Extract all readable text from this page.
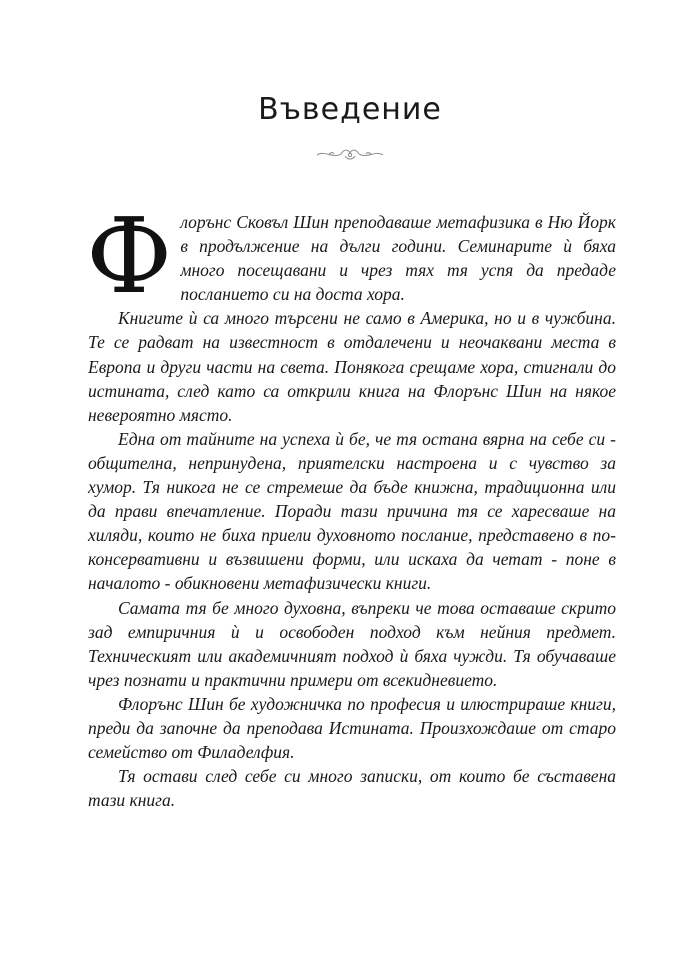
Въведение

Флорънс Сковъл Шин преподаваше метафизика в Ню Йорк в продължение на дълги години. Семинарите ѝ бяха много посещавани и чрез тях тя успя да предаде посланието си на доста хора.

Книгите ѝ са много търсени не само в Америка, но и в чужбина. Те се радват на известност в отдалечени и неочаквани места в Европа и други части на света. Понякога срещаме хора, стигнали до истината, след като са открили книга на Флорънс Шин на някое невероятно място.

Една от тайните на успеха ѝ бе, че тя остана вярна на себе си - общителна, непринудена, приятелски настроена и с чувство за хумор. Тя никога не се стремеше да бъде книжна, традиционна или да прави впечатление. Поради тази причина тя се харесваше на хиляди, които не биха приели духовното послание, представено в по-консервативни и възвишени форми, или искаха да четат - поне в началото - обикновени метафизически книги.

Самата тя бе много духовна, въпреки че това оставаше скрито зад емпиричния ѝ и освободен подход към нейния предмет. Техническият или академичният подход ѝ бяха чужди. Тя обучаваше чрез познати и практични примери от всекидневието.

Флорънс Шин бе художничка по професия и илюстрираше книги, преди да започне да преподава Истината. Произхождаше от старо семейство от Филаделфия.

Тя остави след себе си много записки, от които бе съставена тази книга.
